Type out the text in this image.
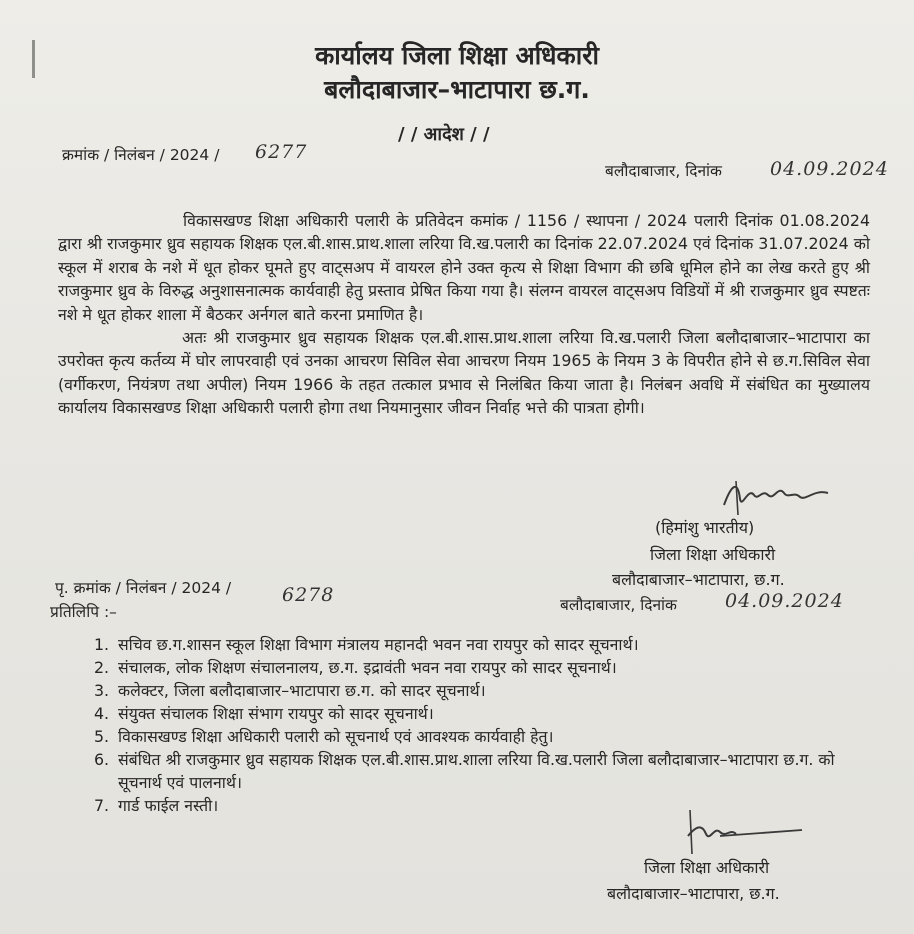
कार्यालय जिला शिक्षा अधिकारी
बलौदाबाजार–भाटापारा छ.ग.
/ / आदेश / /
क्रमांक / निलंबन / 2024 / 6277
बलौदाबाजार, दिनांक	04.09.2024

विकासखण्ड शिक्षा अधिकारी पलारी के प्रतिवेदन कमांक / 1156 / स्थापना / 2024 पलारी दिनांक 01.08.2024 द्वारा श्री राजकुमार ध्रुव सहायक शिक्षक एल.बी.शास.प्राथ.शाला लरिया वि.ख.पलारी का दिनांक 22.07.2024 एवं दिनांक 31.07.2024 को स्कूल में शराब के नशे में धूत होकर घूमते हुए वाट्सअप में वायरल होने उक्त कृत्य से शिक्षा विभाग की छबि धूमिल होने का लेख करते हुए श्री राजकुमार ध्रुव के विरुद्ध अनुशासनात्मक कार्यवाही हेतु प्रस्ताव प्रेषित किया गया है। संलग्न वायरल वाट्सअप विडियों में श्री राजकुमार ध्रुव स्पष्टतः नशे मे धूत होकर शाला में बैठकर अर्नगल बाते करना प्रमाणित है।

अतः श्री राजकुमार ध्रुव सहायक शिक्षक एल.बी.शास.प्राथ.शाला लरिया वि.ख.पलारी जिला बलौदाबाजार–भाटापारा का उपरोक्त कृत्य कर्तव्य में घोर लापरवाही एवं उनका आचरण सिविल सेवा आचरण नियम 1965 के नियम 3 के विपरीत होने से छ.ग.सिविल सेवा (वर्गीकरण, नियंत्रण तथा अपील) नियम 1966 के तहत तत्काल प्रभाव से निलंबित किया जाता है। निलंबन अवधि में संबंधित का मुख्यालय कार्यालय विकासखण्ड शिक्षा अधिकारी पलारी होगा तथा नियमानुसार जीवन निर्वाह भत्ते की पात्रता होगी।

(हिमांशु भारतीय)
जिला शिक्षा अधिकारी
बलौदाबाजार–भाटापारा, छ.ग.
पृ. क्रमांक / निलंबन / 2024 /	6278
प्रतिलिपि :–	बलौदाबाजार, दिनांक	04.09.2024
1. सचिव छ.ग.शासन स्कूल शिक्षा विभाग मंत्रालय महानदी भवन नवा रायपुर को सादर सूचनार्थ।
2. संचालक, लोक शिक्षण संचालनालय, छ.ग. इद्रावंती भवन नवा रायपुर को सादर सूचनार्थ।
3. कलेक्टर, जिला बलौदाबाजार–भाटापारा छ.ग. को सादर सूचनार्थ।
4. संयुक्त संचालक शिक्षा संभाग रायपुर को सादर सूचनार्थ।
5. विकासखण्ड शिक्षा अधिकारी पलारी को सूचनार्थ एवं आवश्यक कार्यवाही हेतु।
6. संबंधित श्री राजकुमार ध्रुव सहायक शिक्षक एल.बी.शास.प्राथ.शाला लरिया वि.ख.पलारी जिला बलौदाबाजार–भाटापारा छ.ग. को सूचनार्थ एवं पालनार्थ।
7. गार्ड फाईल नस्ती।
जिला शिक्षा अधिकारी
बलौदाबाजार–भाटापारा, छ.ग.
